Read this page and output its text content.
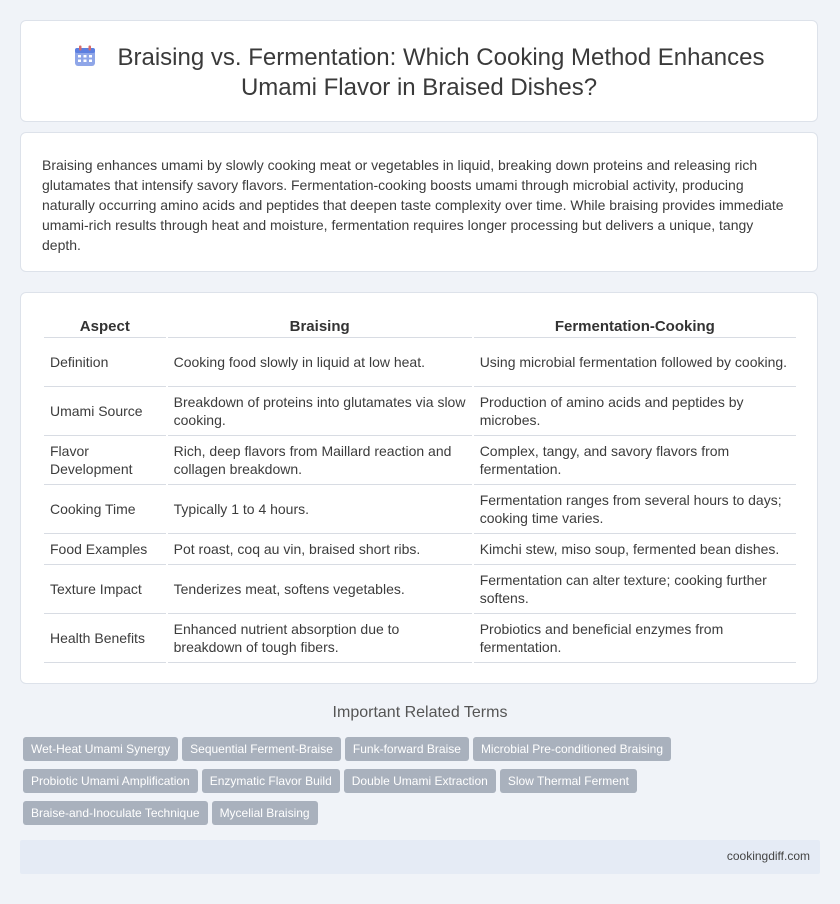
Braising vs. Fermentation: Which Cooking Method Enhances Umami Flavor in Braised Dishes?

Braising enhances umami by slowly cooking meat or vegetables in liquid, breaking down proteins and releasing rich glutamates that intensify savory flavors. Fermentation-cooking boosts umami through microbial activity, producing naturally occurring amino acids and peptides that deepen taste complexity over time. While braising provides immediate umami-rich results through heat and moisture, fermentation requires longer processing but delivers a unique, tangy depth.

Aspect	Braising	Fermentation-Cooking
Definition	Cooking food slowly in liquid at low heat.	Using microbial fermentation followed by cooking.
Umami Source	Breakdown of proteins into glutamates via slow cooking.	Production of amino acids and peptides by microbes.
Flavor Development	Rich, deep flavors from Maillard reaction and collagen breakdown.	Complex, tangy, and savory flavors from fermentation.
Cooking Time	Typically 1 to 4 hours.	Fermentation ranges from several hours to days; cooking time varies.
Food Examples	Pot roast, coq au vin, braised short ribs.	Kimchi stew, miso soup, fermented bean dishes.
Texture Impact	Tenderizes meat, softens vegetables.	Fermentation can alter texture; cooking further softens.
Health Benefits	Enhanced nutrient absorption due to breakdown of tough fibers.	Probiotics and beneficial enzymes from fermentation.
Important Related Terms
Wet-Heat Umami Synergy Sequential Ferment-Braise Funk-forward Braise Microbial Pre-conditioned Braising
Probiotic Umami Amplification Enzymatic Flavor Build Double Umami Extraction Slow Thermal Ferment
Braise-and-Inoculate Technique Mycelial Braising
cookingdiff.com
